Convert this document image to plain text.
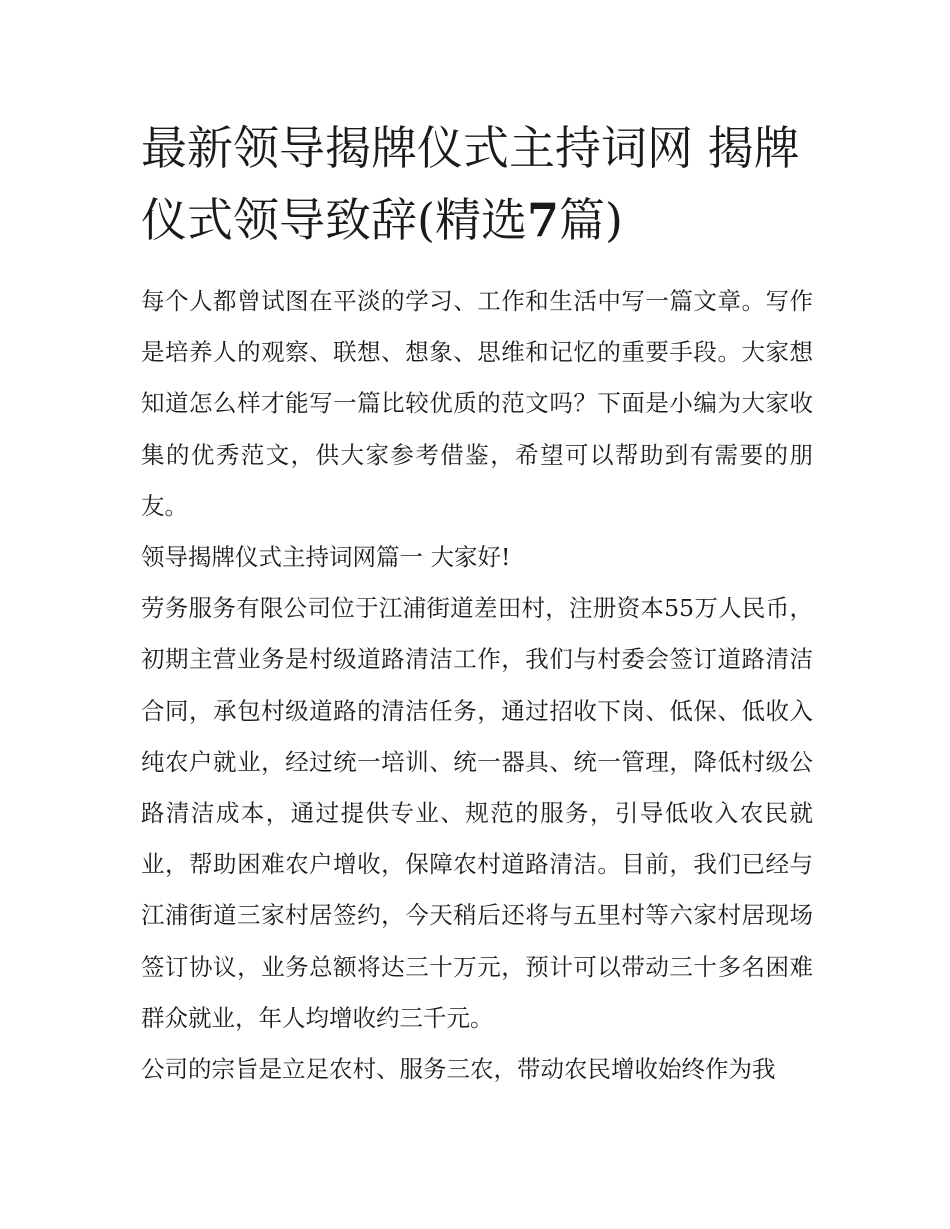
最新领导揭牌仪式主持词网 揭牌仪式领导致辞(精选7篇)

每个人都曾试图在平淡的学习、工作和生活中写一篇文章。写作是培养人的观察、联想、想象、思维和记忆的重要手段。大家想知道怎么样才能写一篇比较优质的范文吗？下面是小编为大家收集的优秀范文，供大家参考借鉴，希望可以帮助到有需要的朋友。

领导揭牌仪式主持词网篇一 大家好!

劳务服务有限公司位于江浦街道差田村，注册资本55万人民币，初期主营业务是村级道路清洁工作，我们与村委会签订道路清洁合同，承包村级道路的清洁任务，通过招收下岗、低保、低收入纯农户就业，经过统一培训、统一器具、统一管理，降低村级公路清洁成本，通过提供专业、规范的服务，引导低收入农民就业，帮助困难农户增收，保障农村道路清洁。目前，我们已经与江浦街道三家村居签约，今天稍后还将与五里村等六家村居现场签订协议，业务总额将达三十万元，预计可以带动三十多名困难群众就业，年人均增收约三千元。

公司的宗旨是立足农村、服务三农，带动农民增收始终作为我
